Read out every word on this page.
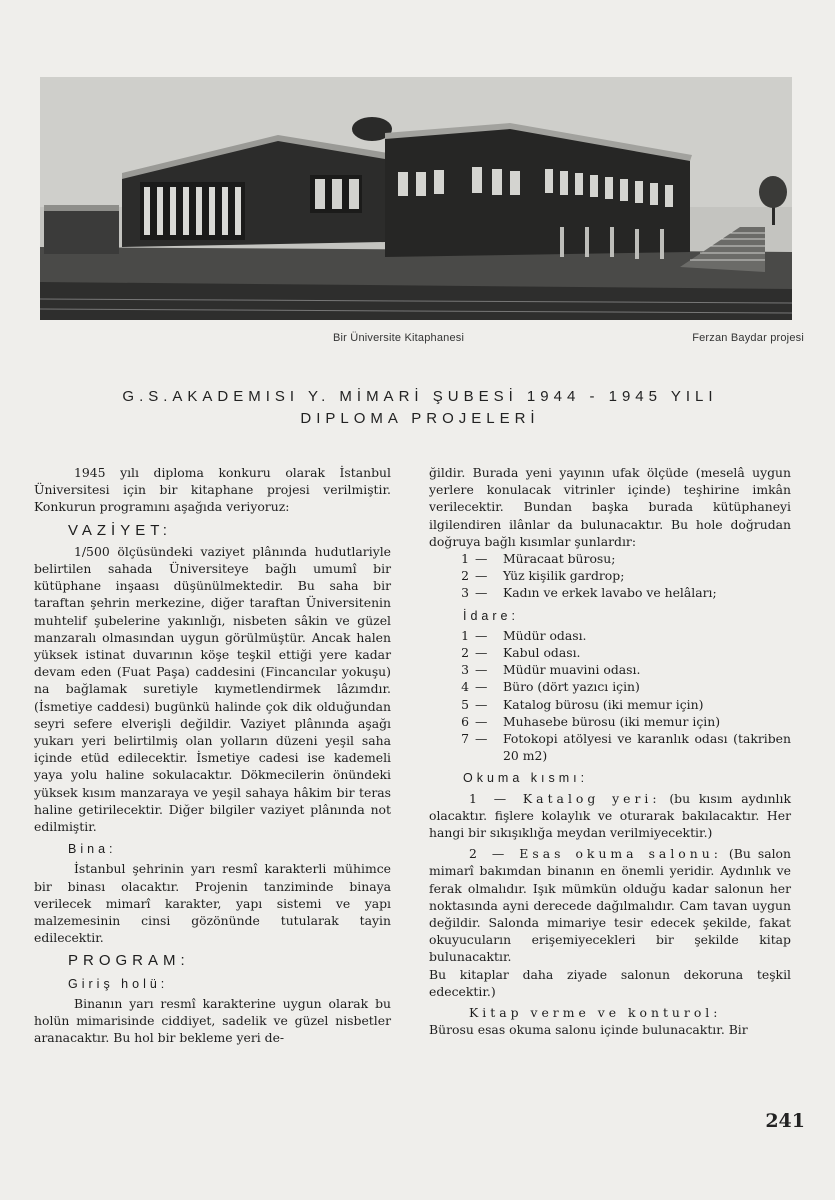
Bir Üniversite Kitaphanesi	Ferzan Baydar projesi
G.S.AKADEMISI Y. MİMARİ ŞUBESİ 1944 - 1945 YILI
DIPLOMA PROJELERİ

1945 yılı diploma konkuru olarak İstanbul Üniversitesi için bir kitaphane projesi verilmiştir. Konkurun programını aşağıda veriyoruz:

VAZİYET:

1/500 ölçüsündeki vaziyet plânında hudutlariyle belirtilen sahada Üniversiteye bağlı umumî bir kütüphane inşaası düşünülmektedir. Bu saha bir taraftan şehrin merkezine, diğer taraftan Üniversitenin muhtelif şubelerine yakınlığı, nisbeten sâkin ve güzel manzaralı olmasından uygun görülmüştür. Ancak halen yüksek istinat duvarının köşe teşkil ettiği yere kadar devam eden (Fuat Paşa) caddesini (Fincancılar yokuşu) na bağlamak suretiyle kıymetlendirmek lâzımdır. (İsmetiye caddesi) bugünkü halinde çok dik olduğundan seyri sefere elverişli değildir. Vaziyet plânında aşağı yukarı yeri belirtilmiş olan yolların düzeni yeşil saha içinde etüd edilecektir. İsmetiye cadesi ise kademeli yaya yolu haline sokulacaktır. Dökmecilerin önündeki yüksek kısım manzaraya ve yeşil sahaya hâkim bir teras haline getirilecektir. Diğer bilgiler vaziyet plânında not edilmiştir.

Bina:

İstanbul şehrinin yarı resmî karakterli mühimce bir binası olacaktır. Projenin tanziminde binaya verilecek mimarî karakter, yapı sistemi ve yapı malzemesinin cinsi gözönünde tutularak tayin edilecektir.

PROGRAM:
Giriş holü:

Binanın yarı resmî karakterine uygun olarak bu holün mimarisinde ciddiyet, sadelik ve güzel nisbetler aranacaktır. Bu hol bir bekleme yeri de-

ğildir. Burada yeni yayının ufak ölçüde (meselâ uygun yerlere konulacak vitrinler içinde) teşhirine imkân verilecektir. Bundan başka burada kütüphaneyi ilgilendiren ilânlar da bulunacaktır. Bu hole doğrudan doğruya bağlı kısımlar şunlardır:

1 —	Müracaat bürosu;
2 —	Yüz kişilik gardrop;
3 —	Kadın ve erkek lavabo ve helâları;
İdare:
1 —	Müdür odası.
2 —	Kabul odası.
3 —	Müdür muavini odası.
4 —	Büro (dört yazıcı için)
5 —	Katalog bürosu (iki memur için)
6 —	Muhasebe bürosu (iki memur için)
7 —	Fotokopi atölyesi ve karanlık odası (takriben 20 m2)
Okuma kısmı:

1 — Katalog yeri: (bu kısım aydınlık olacaktır. fişlere kolaylık ve oturarak bakılacaktır. Her hangi bir sıkışıklığa meydan verilmiyecektir.)

2 — Esas okuma salonu: (Bu salon mimarî bakımdan binanın en önemli yeridir. Aydınlık ve ferak olmalıdır. Işık mümkün olduğu kadar salonun her noktasında ayni derecede dağılmalıdır. Cam tavan uygun değildir. Salonda mimariye tesir edecek şekilde, fakat okuyucuların erişemiyecekleri bir şekilde kitap bulunacaktır.

Bu kitaplar daha ziyade salonun dekoruna teşkil edecektir.)

Kitap verme ve konturol:
Bürosu esas okuma salonu içinde bulunacaktır. Bir

241
